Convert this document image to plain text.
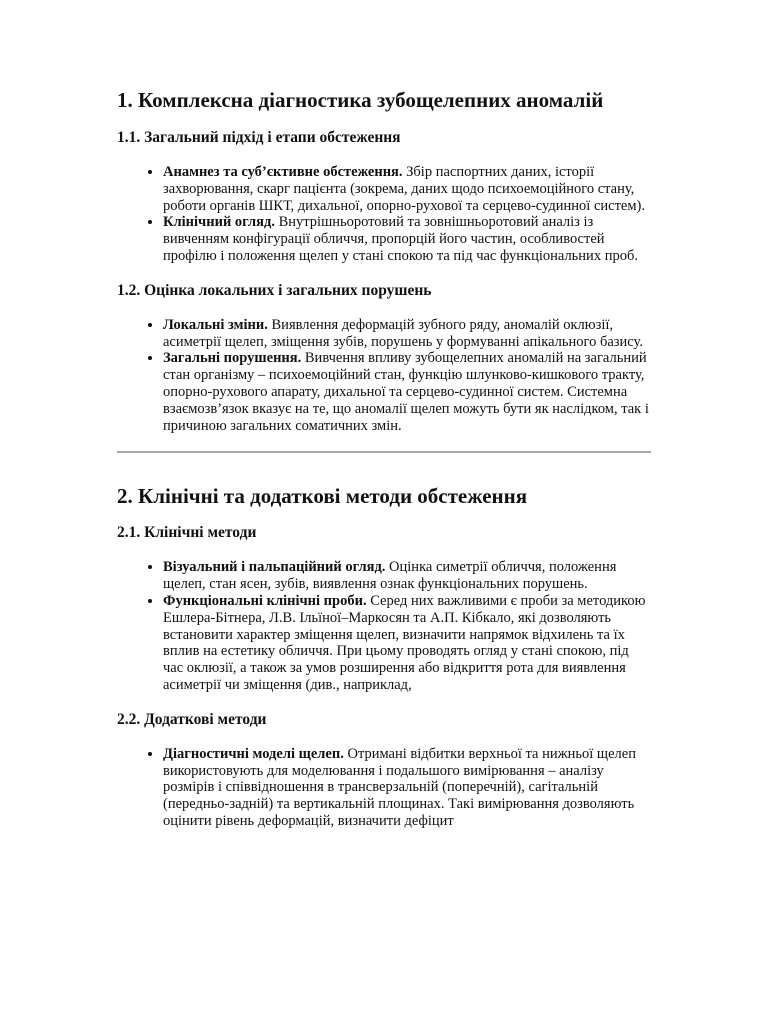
1. Комплексна діагностика зубощелепних аномалій
1.1. Загальний підхід і етапи обстеження
• Анамнез та суб’єктивне обстеження. Збір паспортних даних, історії захворювання, скарг пацієнта (зокрема, даних щодо психоемоційного стану, роботи органів ШКТ, дихальної, опорно-рухової та серцево-судинної систем).
• Клінічний огляд. Внутрішньоротовий та зовнішньоротовий аналіз із вивченням конфігурації обличчя, пропорцій його частин, особливостей профілю і положення щелеп у стані спокою та під час функціональних проб.
1.2. Оцінка локальних і загальних порушень
• Локальні зміни. Виявлення деформацій зубного ряду, аномалій оклюзії, асиметрії щелеп, зміщення зубів, порушень у формуванні апікального базису.
• Загальні порушення. Вивчення впливу зубощелепних аномалій на загальний стан організму – психоемоційний стан, функцію шлунково-кишкового тракту, опорно-рухового апарату, дихальної та серцево-судинної систем. Системна взаємозв’язок вказує на те, що аномалії щелеп можуть бути як наслідком, так і причиною загальних соматичних змін.
2. Клінічні та додаткові методи обстеження
2.1. Клінічні методи
• Візуальний і пальпаційний огляд. Оцінка симетрії обличчя, положення щелеп, стан ясен, зубів, виявлення ознак функціональних порушень.
• Функціональні клінічні проби. Серед них важливими є проби за методикою Ешлера-Бітнера, Л.В. Ільїної–Маркосян та А.П. Кібкало, які дозволяють встановити характер зміщення щелеп, визначити напрямок відхилень та їх вплив на естетику обличчя. При цьому проводять огляд у стані спокою, під час оклюзії, а також за умов розширення або відкриття рота для виявлення асиметрії чи зміщення (див., наприклад,
2.2. Додаткові методи
• Діагностичні моделі щелеп. Отримані відбитки верхньої та нижньої щелеп використовують для моделювання і подальшого вимірювання – аналізу розмірів і співвідношення в трансверзальній (поперечній), сагітальній (передньо-задній) та вертикальній площинах. Такі вимірювання дозволяють оцінити рівень деформацій, визначити дефіцит
